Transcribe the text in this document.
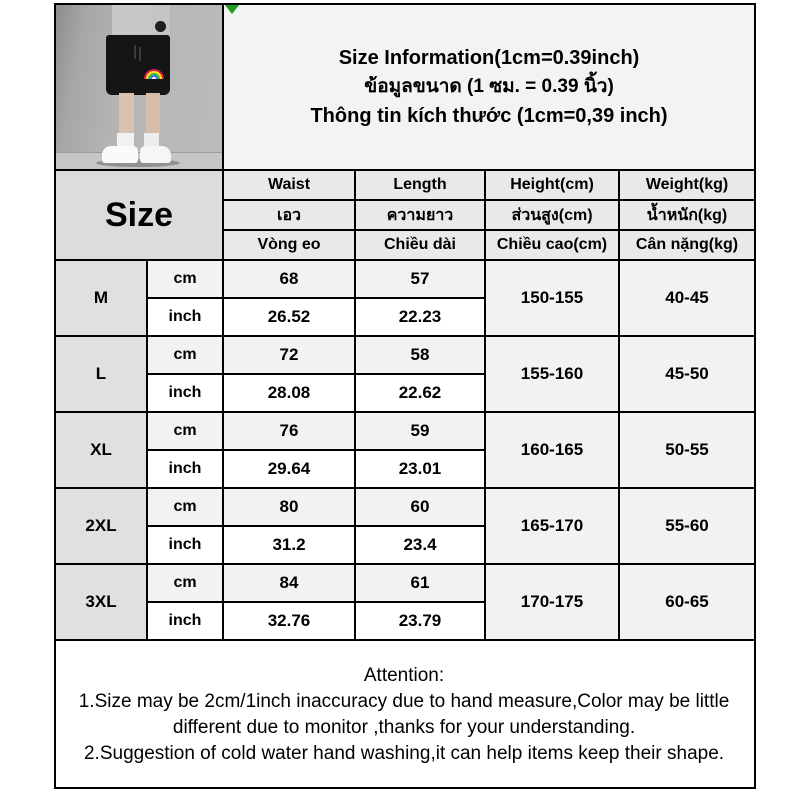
		Size Information(1cm=0.39inch)
ข้อมูลขนาด (1 ซม. = 0.39 นิ้ว)
Thông tin kích thước (1cm=0,39 inch)			

Size		Waist	Length	Height(cm)	Weight(kg)
		เอว	ความยาว	ส่วนสูง(cm)	น้ำหนัก(kg)
		Vòng eo	Chiều dài	Chiều cao(cm)	Cân nặng(kg)
M	cm	68	57	150-155	40-45
	inch	26.52	22.23		
L	cm	72	58	155-160	45-50
	inch	28.08	22.62		
XL	cm	76	59	160-165	50-55
	inch	29.64	23.01		
2XL	cm	80	60	165-170	55-60
	inch	31.2	23.4		
3XL	cm	84	61	170-175	60-65
	inch	32.76	23.79		

Attention:
1.Size may be 2cm/1inch inaccuracy due to hand measure,Color may be little different due to monitor ,thanks for your understanding.
2.Suggestion of cold water hand washing,it can help items keep their shape.					
